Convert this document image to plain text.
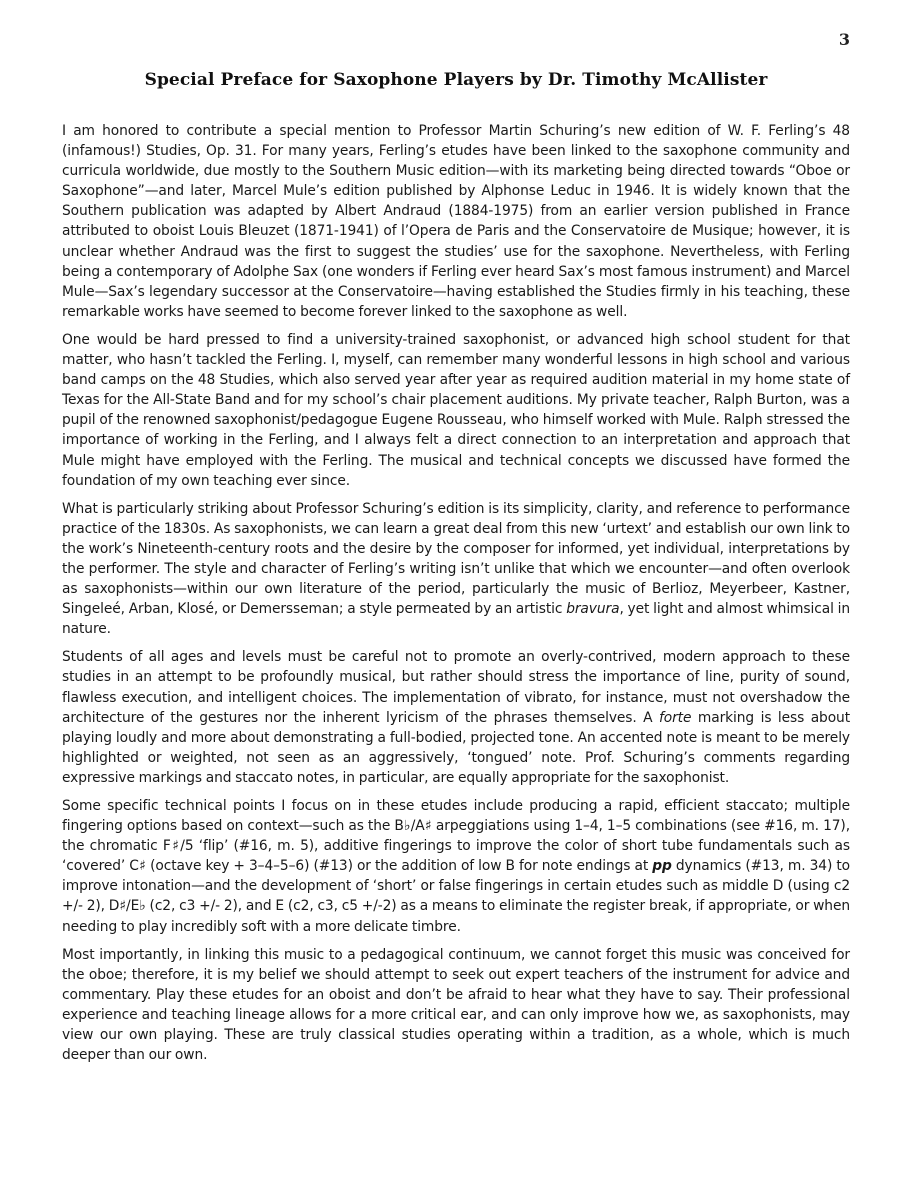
3
Special Preface for Saxophone Players by Dr. Timothy McAllister

I am honored to contribute a special mention to Professor Martin Schuring’s new edition of W. F. Ferling’s 48 (infamous!) Studies, Op. 31. For many years, Ferling’s etudes have been linked to the saxophone community and curricula worldwide, due mostly to the Southern Music edition—with its marketing being directed towards “Oboe or Saxophone”—and later, Marcel Mule’s edition published by Alphonse Leduc in 1946. It is widely known that the Southern publication was adapted by Albert Andraud (1884-1975) from an earlier version published in France attributed to oboist Louis Bleuzet (1871-1941) of l’Opera de Paris and the Conservatoire de Musique; however, it is unclear whether Andraud was the first to suggest the studies’ use for the saxophone. Nevertheless, with Ferling being a contemporary of Adolphe Sax (one wonders if Ferling ever heard Sax’s most famous instrument) and Marcel Mule—Sax’s legendary successor at the Conservatoire—having established the Studies firmly in his teaching, these remarkable works have seemed to become forever linked to the saxophone as well.

One would be hard pressed to find a university-trained saxophonist, or advanced high school student for that matter, who hasn’t tackled the Ferling. I, myself, can remember many wonderful lessons in high school and various band camps on the 48 Studies, which also served year after year as required audition material in my home state of Texas for the All-State Band and for my school’s chair placement auditions. My private teacher, Ralph Burton, was a pupil of the renowned saxophonist/pedagogue Eugene Rousseau, who himself worked with Mule. Ralph stressed the importance of working in the Ferling, and I always felt a direct connection to an interpretation and approach that Mule might have employed with the Ferling. The musical and technical concepts we discussed have formed the foundation of my own teaching ever since.

What is particularly striking about Professor Schuring’s edition is its simplicity, clarity, and reference to performance practice of the 1830s. As saxophonists, we can learn a great deal from this new ‘urtext’ and establish our own link to the work’s Nineteenth-century roots and the desire by the composer for informed, yet individual, interpretations by the performer. The style and character of Ferling’s writing isn’t unlike that which we encounter—and often overlook as saxophonists—within our own literature of the period, particularly the music of Berlioz, Meyerbeer, Kastner, Singeleé, Arban, Klosé, or Demersseman; a style permeated by an artistic bravura, yet light and almost whimsical in nature.

Students of all ages and levels must be careful not to promote an overly-contrived, modern approach to these studies in an attempt to be profoundly musical, but rather should stress the importance of line, purity of sound, flawless execution, and intelligent choices. The implementation of vibrato, for instance, must not overshadow the architecture of the gestures nor the inherent lyricism of the phrases themselves. A forte marking is less about playing loudly and more about demonstrating a full-bodied, projected tone. An accented note is meant to be merely highlighted or weighted, not seen as an aggressively, ‘tongued’ note. Prof. Schuring’s comments regarding expressive markings and staccato notes, in particular, are equally appropriate for the saxophonist.

Some specific technical points I focus on in these etudes include producing a rapid, efficient staccato; multiple fingering options based on context—such as the B♭/A♯ arpeggiations using 1–4, 1–5 combinations (see #16, m. 17), the chromatic F♯/5 ‘flip’ (#16, m. 5), additive fingerings to improve the color of short tube fundamentals such as ‘covered’ C♯ (octave key + 3–4–5–6) (#13) or the addition of low B for note endings at pp dynamics (#13, m. 34) to improve intonation—and the development of ‘short’ or false fingerings in certain etudes such as middle D (using c2 +/- 2), D♯/E♭ (c2, c3 +/- 2), and E (c2, c3, c5 +/-2) as a means to eliminate the register break, if appropriate, or when needing to play incredibly soft with a more delicate timbre.

Most importantly, in linking this music to a pedagogical continuum, we cannot forget this music was conceived for the oboe; therefore, it is my belief we should attempt to seek out expert teachers of the instrument for advice and commentary. Play these etudes for an oboist and don’t be afraid to hear what they have to say. Their professional experience and teaching lineage allows for a more critical ear, and can only improve how we, as saxophonists, may view our own playing. These are truly classical studies operating within a tradition, as a whole, which is much deeper than our own.
